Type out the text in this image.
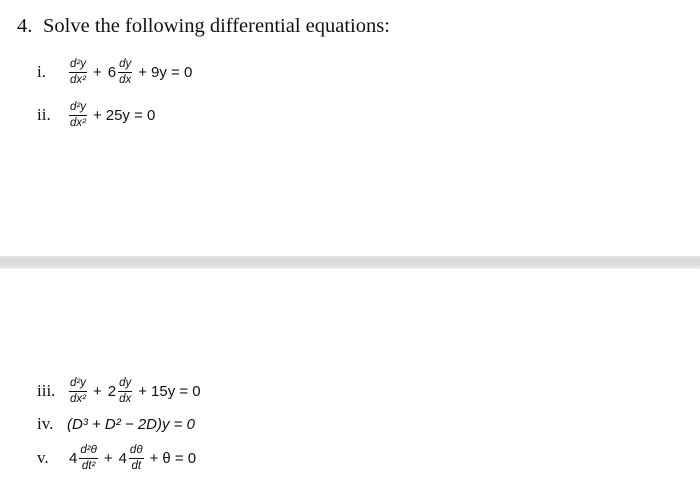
4. Solve the following differential equations:
i.	$\frac{\text{d²y}}{\text{dx²}} + 6 \frac{dy}{dx} + 9y = 0$
ii.	$\frac{\text{d²y}}{\text{dx²}} + 25y = 0$
iii.	$\frac{\text{d²y}}{\text{dx²}} + 2 \frac{dy}{dx} + 15y = 0$
iv. (D³ + D² − 2D)y = 0
v.	$4 \frac{\text{d²θ}}{\text{dt²}} + 4 \frac{d\theta}{dt} + \theta = 0$
